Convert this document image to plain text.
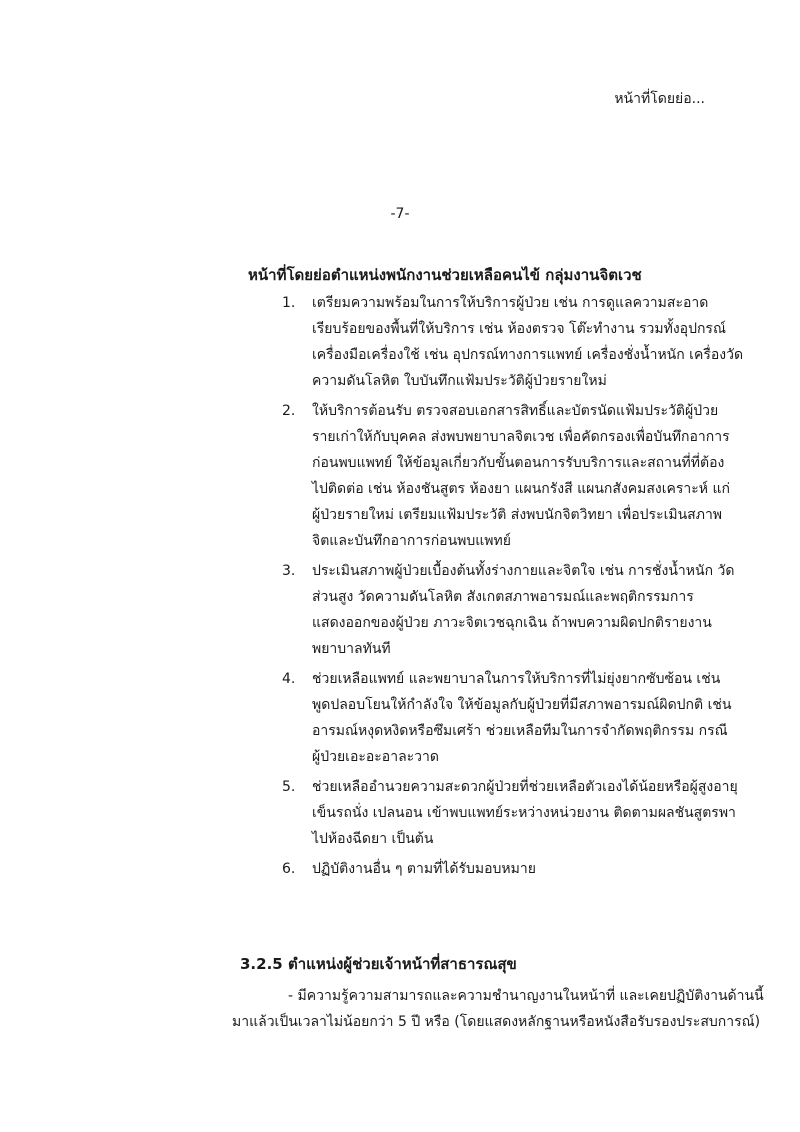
หน้าที่โดยย่อ...
-7-
หน้าที่โดยย่อตำแหน่งพนักงานช่วยเหลือคนไข้ กลุ่มงานจิตเวช
1. เตรียมความพร้อมในการให้บริการผู้ป่วย เช่น การดูแลความสะอาด
เรียบร้อยของพื้นที่ให้บริการ เช่น ห้องตรวจ โต๊ะทำงาน รวมทั้งอุปกรณ์
เครื่องมือเครื่องใช้ เช่น อุปกรณ์ทางการแพทย์ เครื่องชั่งน้ำหนัก เครื่องวัด
ความดันโลหิต ใบบันทึกแฟ้มประวัติผู้ป่วยรายใหม่
2. ให้บริการต้อนรับ ตรวจสอบเอกสารสิทธิ์และบัตรนัดแฟ้มประวัติผู้ป่วย
รายเก่าให้กับบุคคล ส่งพบพยาบาลจิตเวช เพื่อคัดกรองเพื่อบันทึกอาการ
ก่อนพบแพทย์ ให้ข้อมูลเกี่ยวกับขั้นตอนการรับบริการและสถานที่ที่ต้อง
ไปติดต่อ เช่น ห้องชันสูตร ห้องยา แผนกรังสี แผนกสังคมสงเคราะห์ แก่
ผู้ป่วยรายใหม่ เตรียมแฟ้มประวัติ ส่งพบนักจิตวิทยา เพื่อประเมินสภาพ
จิตและบันทึกอาการก่อนพบแพทย์
3. ประเมินสภาพผู้ป่วยเบื้องต้นทั้งร่างกายและจิตใจ เช่น การชั่งน้ำหนัก วัด
ส่วนสูง วัดความดันโลหิต สังเกตสภาพอารมณ์และพฤติกรรมการ
แสดงออกของผู้ป่วย ภาวะจิตเวชฉุกเฉิน ถ้าพบความผิดปกติรายงาน
พยาบาลทันที
4. ช่วยเหลือแพทย์ และพยาบาลในการให้บริการที่ไม่ยุ่งยากซับซ้อน เช่น
พูดปลอบโยนให้กำลังใจ ให้ข้อมูลกับผู้ป่วยที่มีสภาพอารมณ์ผิดปกติ เช่น
อารมณ์หงุดหงิดหรือซึมเศร้า ช่วยเหลือทีมในการจำกัดพฤติกรรม กรณี
ผู้ป่วยเอะอะอาละวาด
5. ช่วยเหลืออำนวยความสะดวกผู้ป่วยที่ช่วยเหลือตัวเองได้น้อยหรือผู้สูงอายุ
เข็นรถนั่ง เปลนอน เข้าพบแพทย์ระหว่างหน่วยงาน ติดตามผลชันสูตรพา
ไปห้องฉีดยา เป็นต้น
6. ปฏิบัติงานอื่น ๆ ตามที่ได้รับมอบหมาย
3.2.5 ตำแหน่งผู้ช่วยเจ้าหน้าที่สาธารณสุข
- มีความรู้ความสามารถและความชำนาญงานในหน้าที่ และเคยปฏิบัติงานด้านนี้
มาแล้วเป็นเวลาไม่น้อยกว่า 5 ปี หรือ (โดยแสดงหลักฐานหรือหนังสือรับรองประสบการณ์)
